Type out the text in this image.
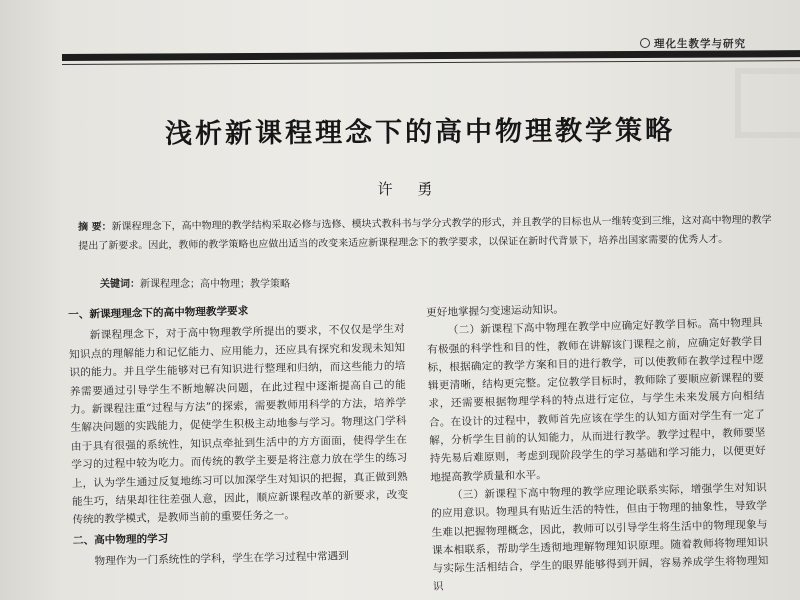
理化生教学与研究
浅析新课程理念下的高中物理教学策略
许 勇
摘 要：新课程理念下，高中物理的教学结构采取必修与选修、模块式教科书与学分式教学的形式，并且教学的目标也从一维转变到三维，这对高中物理的教学提出了新要求。因此，教师的教学策略也应做出适当的改变来适应新课程理念下的教学要求，以保证在新时代背景下，培养出国家需要的优秀人才。
关键词：新课程理念；高中物理；教学策略

一、新课理理念下的高中物理教学要求

新课程理念下，对于高中物理教学所提出的要求，不仅仅是学生对知识点的理解能力和记忆能力、应用能力，还应具有探究和发现未知知识的能力。并且学生能够对已有知识进行整理和归纳，而这些能力的培养需要通过引导学生不断地解决问题，在此过程中逐渐提高自己的能力。新课程注重“过程与方法”的探索，需要教师用科学的方法，培养学生解决问题的实践能力，促使学生积极主动地参与学习。物理这门学科由于具有很强的系统性，知识点牵扯到生活中的方方面面，使得学生在学习的过程中较为吃力。而传统的教学主要是将注意力放在学生的练习上，认为学生通过反复地练习可以加深学生对知识的把握，真正做到熟能生巧，结果却往往差强人意，因此，顺应新课程改革的新要求，改变传统的教学模式，是教师当前的重要任务之一。

二、高中物理的学习

物理作为一门系统性的学科，学生在学习过程中常遇到

更好地掌握匀变速运动知识。

（二）新课程下高中物理在教学中应确定好教学目标。高中物理具有极强的科学性和目的性，教师在讲解该门课程之前，应确定好教学目标，根据确定的教学方案和目的进行教学，可以使教师在教学过程中逻辑更清晰，结构更完整。定位教学目标时，教师除了要顺应新课程的要求，还需要根据物理学科的特点进行定位，与学生未来发展方向相结合。在设计的过程中，教师首先应该在学生的认知方面对学生有一定了解，分析学生目前的认知能力，从而进行教学。教学过程中，教师要坚持先易后难原则，考虑到现阶段学生的学习基础和学习能力，以便更好地提高教学质量和水平。

（三）新课程下高中物理的教学应理论联系实际，增强学生对知识的应用意识。物理具有贴近生活的特性，但由于物理的抽象性，导致学生难以把握物理概念，因此，教师可以引导学生将生活中的物理现象与课本相联系，帮助学生透彻地理解物理知识原理。随着教师将物理知识与实际生活相结合，学生的眼界能够得到开阔，容易养成学生将物理知识
